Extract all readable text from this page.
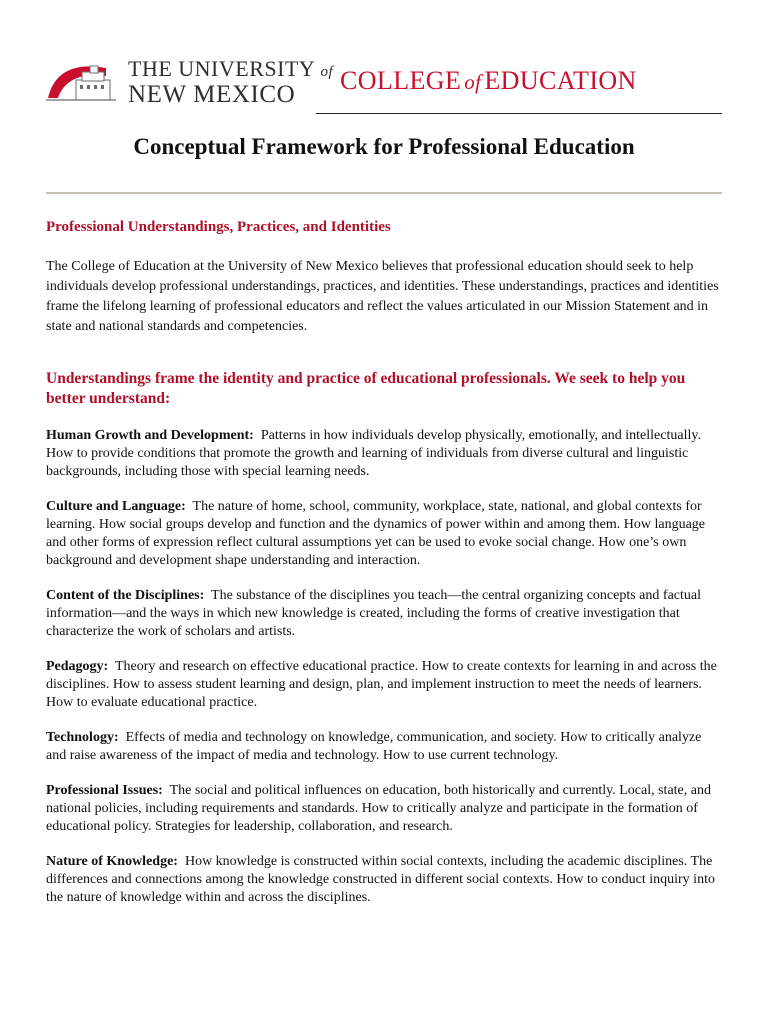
THE UNIVERSITY of
NEW MEXICO	COLLEGE of EDUCATION
Conceptual Framework for Professional Education
Professional Understandings, Practices, and Identities

The College of Education at the University of New Mexico believes that professional education should seek to help individuals develop professional understandings, practices, and identities. These understandings, practices and identities frame the lifelong learning of professional educators and reflect the values articulated in our Mission Statement and in state and national standards and competencies.

Understandings frame the identity and practice of educational professionals. We seek to help you better understand:

Human Growth and Development: Patterns in how individuals develop physically, emotionally, and intellectually. How to provide conditions that promote the growth and learning of individuals from diverse cultural and linguistic backgrounds, including those with special learning needs.

Culture and Language: The nature of home, school, community, workplace, state, national, and global contexts for learning. How social groups develop and function and the dynamics of power within and among them. How language and other forms of expression reflect cultural assumptions yet can be used to evoke social change. How one’s own background and development shape understanding and interaction.

Content of the Disciplines: The substance of the disciplines you teach—the central organizing concepts and factual information—and the ways in which new knowledge is created, including the forms of creative investigation that characterize the work of scholars and artists.

Pedagogy: Theory and research on effective educational practice. How to create contexts for learning in and across the disciplines. How to assess student learning and design, plan, and implement instruction to meet the needs of learners. How to evaluate educational practice.

Technology: Effects of media and technology on knowledge, communication, and society. How to critically analyze and raise awareness of the impact of media and technology. How to use current technology.

Professional Issues: The social and political influences on education, both historically and currently. Local, state, and national policies, including requirements and standards. How to critically analyze and participate in the formation of educational policy. Strategies for leadership, collaboration, and research.

Nature of Knowledge: How knowledge is constructed within social contexts, including the academic disciplines. The differences and connections among the knowledge constructed in different social contexts. How to conduct inquiry into the nature of knowledge within and across the disciplines.
